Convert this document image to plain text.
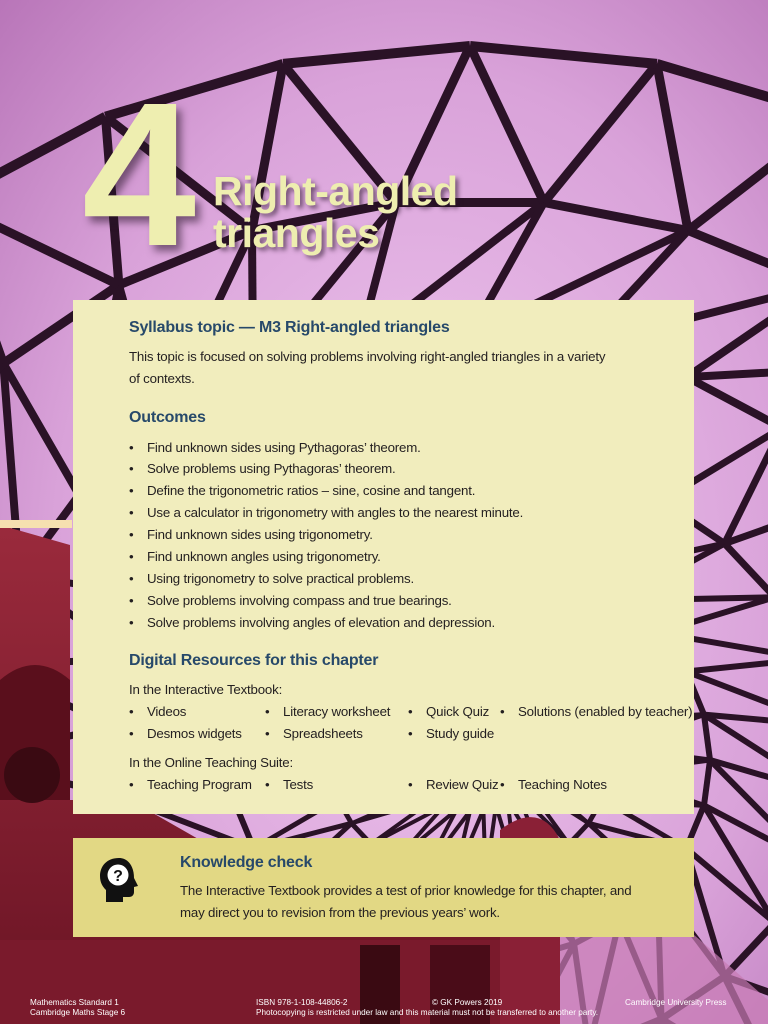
4 Right-angled
triangles
Syllabus topic — M3 Right-angled triangles
This topic is focused on solving problems involving right-angled triangles in a variety
of contexts.
Outcomes
• Find unknown sides using Pythagoras’ theorem.
• Solve problems using Pythagoras’ theorem.
• Define the trigonometric ratios – sine, cosine and tangent.
• Use a calculator in trigonometry with angles to the nearest minute.
• Find unknown sides using trigonometry.
• Find unknown angles using trigonometry.
• Using trigonometry to solve practical problems.
• Solve problems involving compass and true bearings.
• Solve problems involving angles of elevation and depression.
Digital Resources for this chapter
In the Interactive Textbook:
• Videos	• Literacy worksheet	• Quick Quiz	• Solutions (enabled by teacher)
• Desmos widgets	• Spreadsheets	• Study guide
In the Online Teaching Suite:
• Teaching Program	• Tests	• Review Quiz	• Teaching Notes
?
Knowledge check
The Interactive Textbook provides a test of prior knowledge for this chapter, and
may direct you to revision from the previous years’ work.
Mathematics Standard 1
Cambridge Maths Stage 6
ISBN 978-1-108-44806-2	© GK Powers 2019	Cambridge University Press
Photocopying is restricted under law and this material must not be transferred to another party.
